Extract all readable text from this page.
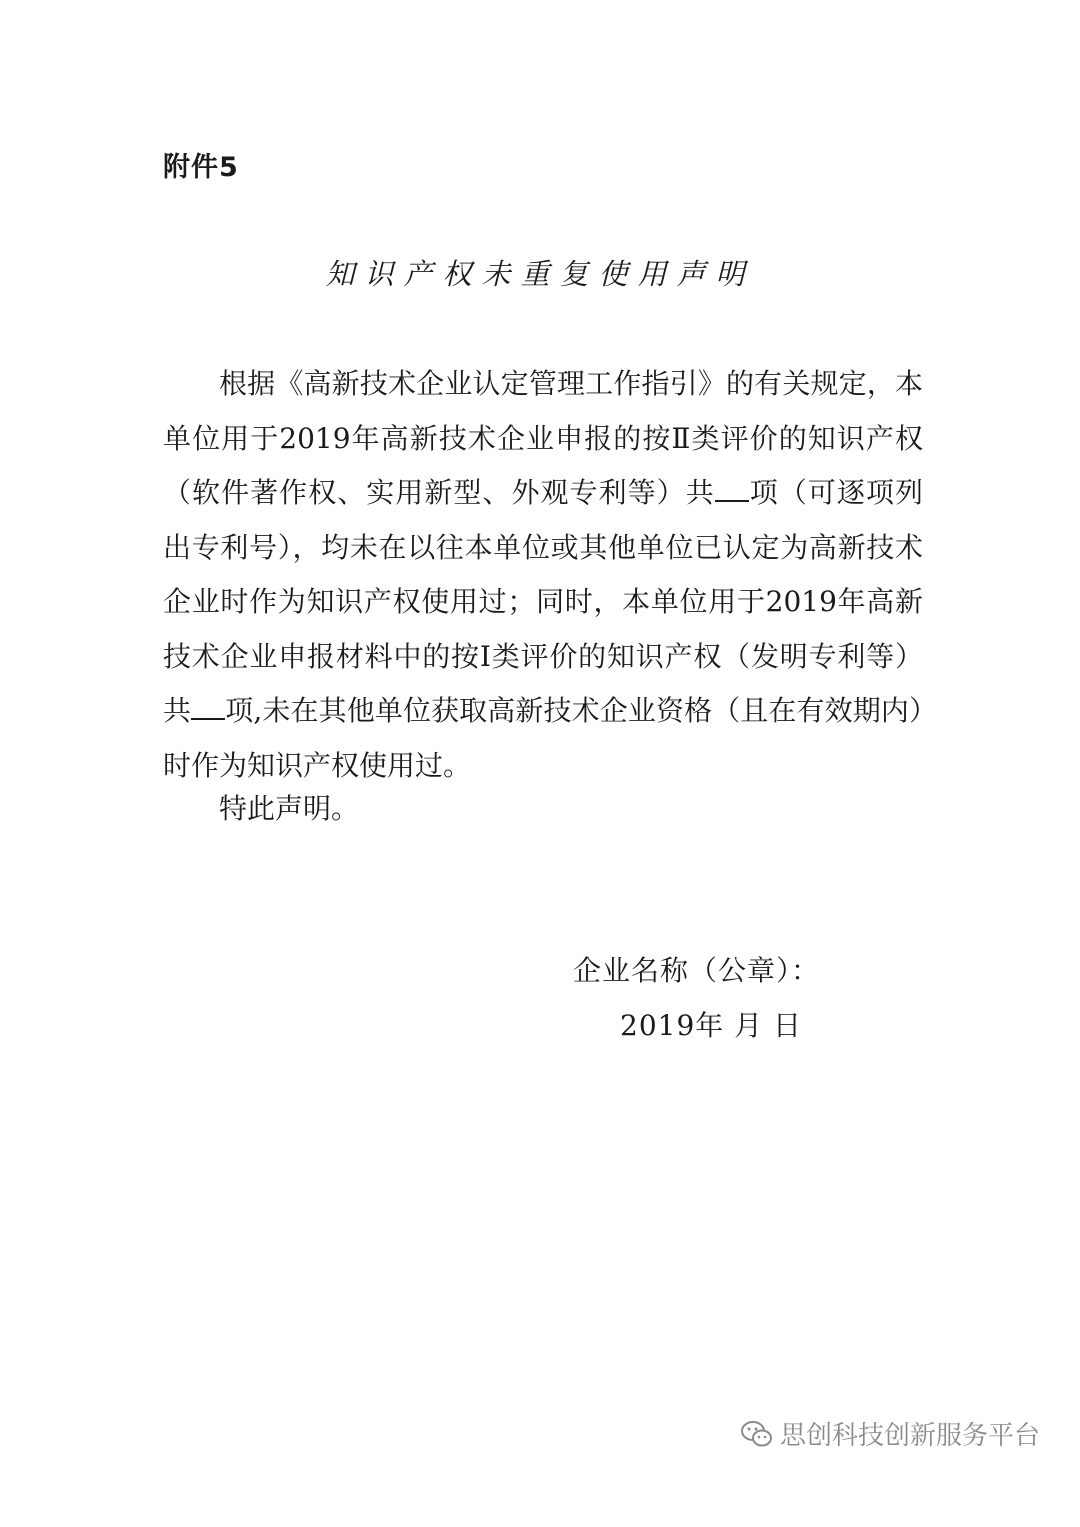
附件5
知识产权未重复使用声明

根据《高新技术企业认定管理工作指引》的有关规定，本单位用于2019年高新技术企业申报的按Ⅱ类评价的知识产权（软件著作权、实用新型、外观专利等）共 项（可逐项列出专利号），均未在以往本单位或其他单位已认定为高新技术企业时作为知识产权使用过；同时，本单位用于2019年高新技术企业申报材料中的按Ⅰ类评价的知识产权（发明专利等）共 项,未在其他单位获取高新技术企业资格（且在有效期内）时作为知识产权使用过。

特此声明。
企业名称（公章）：
2019年 月 日
思创科技创新服务平台
